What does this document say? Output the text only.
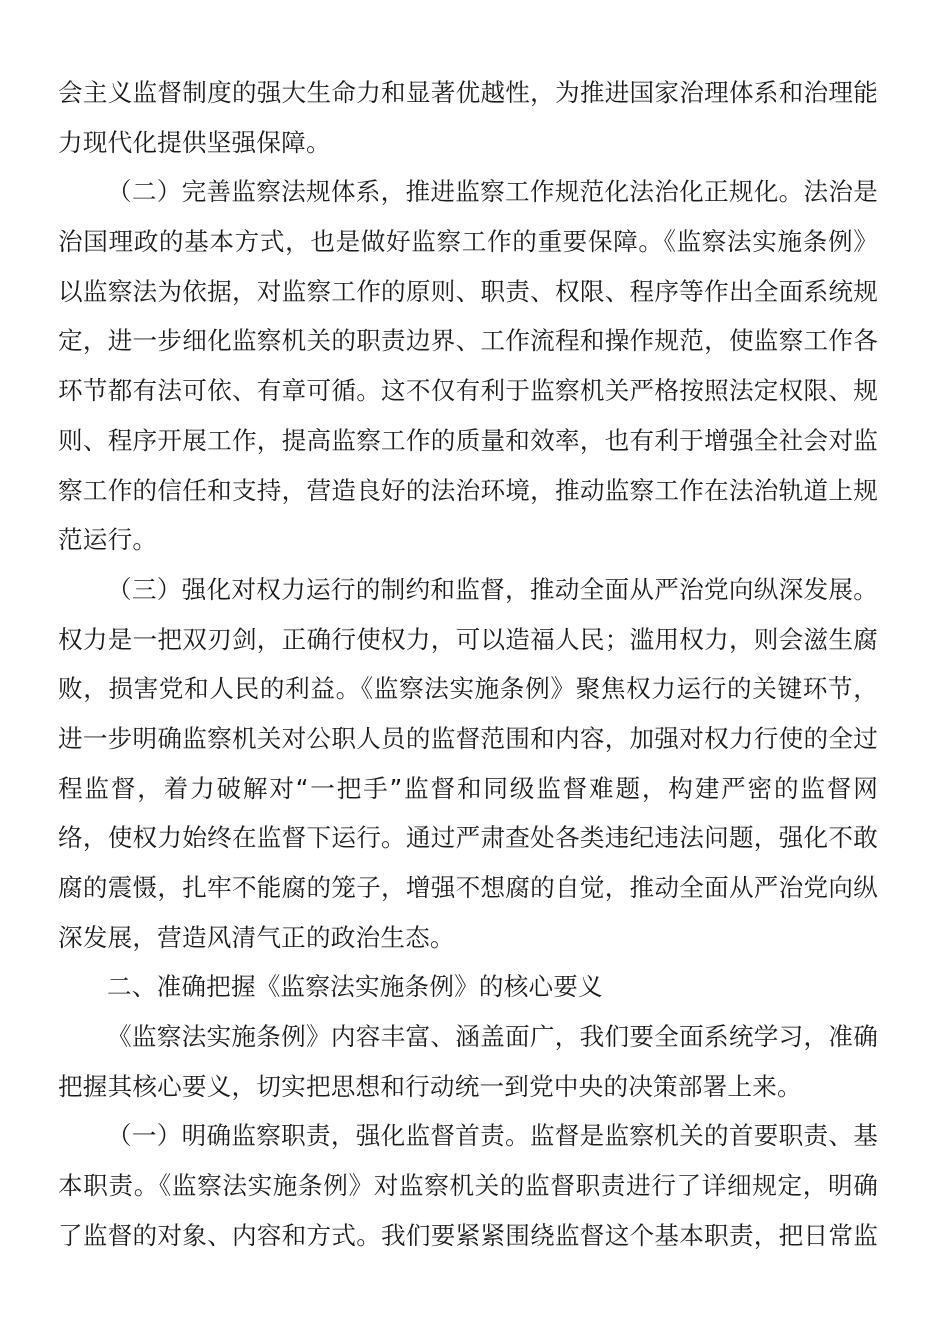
会主义监督制度的强大生命力和显著优越性，为推进国家治理体系和治理能
力现代化提供坚强保障。
（二）完善监察法规体系，推进监察工作规范化法治化正规化。法治是
治国理政的基本方式，也是做好监察工作的重要保障。《监察法实施条例》
以监察法为依据，对监察工作的原则、职责、权限、程序等作出全面系统规
定，进一步细化监察机关的职责边界、工作流程和操作规范，使监察工作各
环节都有法可依、有章可循。这不仅有利于监察机关严格按照法定权限、规
则、程序开展工作，提高监察工作的质量和效率，也有利于增强全社会对监
察工作的信任和支持，营造良好的法治环境，推动监察工作在法治轨道上规
范运行。
（三）强化对权力运行的制约和监督，推动全面从严治党向纵深发展。
权力是一把双刃剑，正确行使权力，可以造福人民；滥用权力，则会滋生腐
败，损害党和人民的利益。《监察法实施条例》聚焦权力运行的关键环节，
进一步明确监察机关对公职人员的监督范围和内容，加强对权力行使的全过
程监督，着力破解对“一把手”监督和同级监督难题，构建严密的监督网
络，使权力始终在监督下运行。通过严肃查处各类违纪违法问题，强化不敢
腐的震慑，扎牢不能腐的笼子，增强不想腐的自觉，推动全面从严治党向纵
深发展，营造风清气正的政治生态。
二、准确把握《监察法实施条例》的核心要义
《监察法实施条例》内容丰富、涵盖面广，我们要全面系统学习，准确
把握其核心要义，切实把思想和行动统一到党中央的决策部署上来。
（一）明确监察职责，强化监督首责。监督是监察机关的首要职责、基
本职责。《监察法实施条例》对监察机关的监督职责进行了详细规定，明确
了监督的对象、内容和方式。我们要紧紧围绕监督这个基本职责，把日常监
